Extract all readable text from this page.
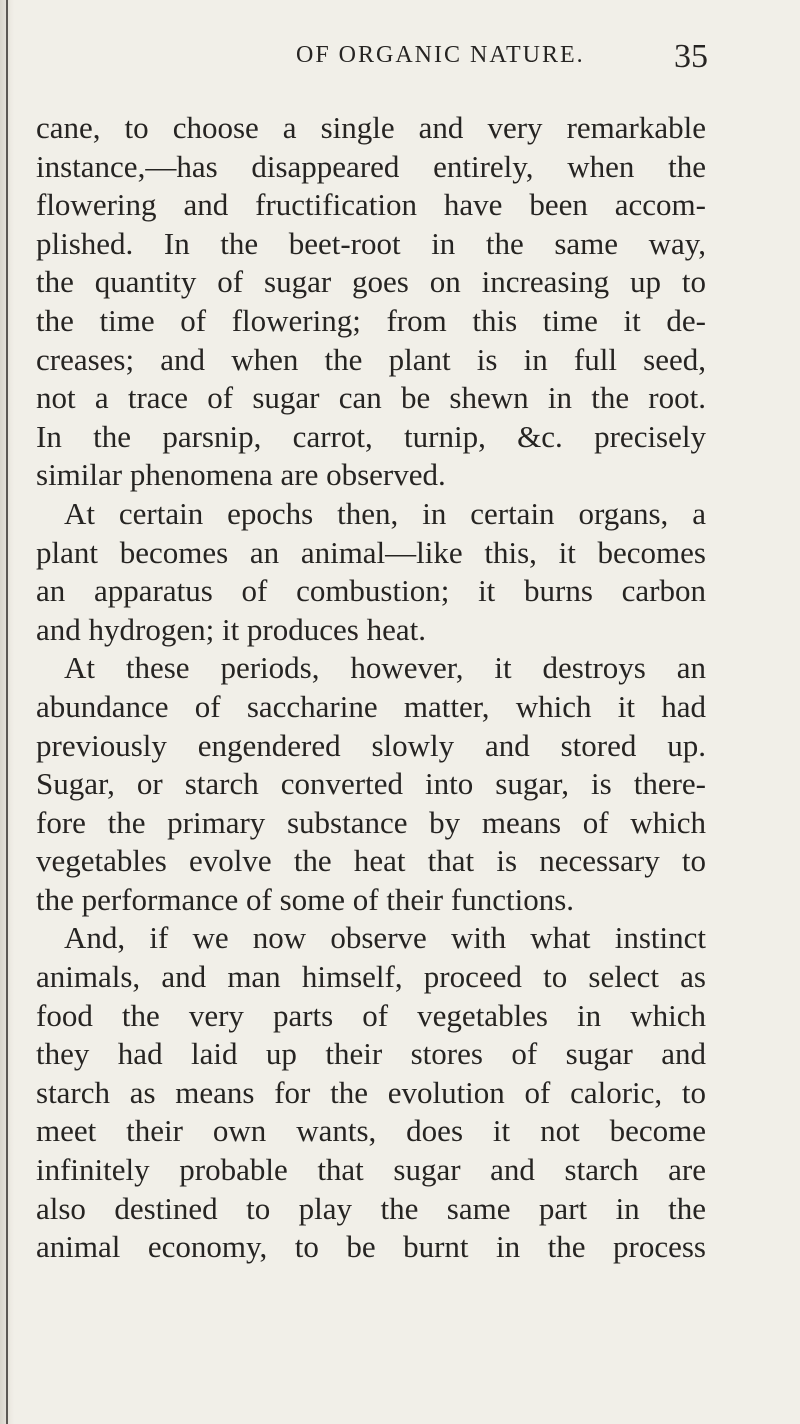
OF ORGANIC NATURE.	35
cane, to choose a single and very remarkable
instance,—has disappeared entirely, when the
flowering and fructification have been accom-
plished. In the beet-root in the same way,
the quantity of sugar goes on increasing up to
the time of flowering; from this time it de-
creases; and when the plant is in full seed,
not a trace of sugar can be shewn in the root.
In the parsnip, carrot, turnip, &c. precisely
similar phenomena are observed.
At certain epochs then, in certain organs, a
plant becomes an animal—like this, it becomes
an apparatus of combustion; it burns carbon
and hydrogen; it produces heat.
At these periods, however, it destroys an
abundance of saccharine matter, which it had
previously engendered slowly and stored up.
Sugar, or starch converted into sugar, is there-
fore the primary substance by means of which
vegetables evolve the heat that is necessary to
the performance of some of their functions.
And, if we now observe with what instinct
animals, and man himself, proceed to select as
food the very parts of vegetables in which
they had laid up their stores of sugar and
starch as means for the evolution of caloric, to
meet their own wants, does it not become
infinitely probable that sugar and starch are
also destined to play the same part in the
animal economy, to be burnt in the process
